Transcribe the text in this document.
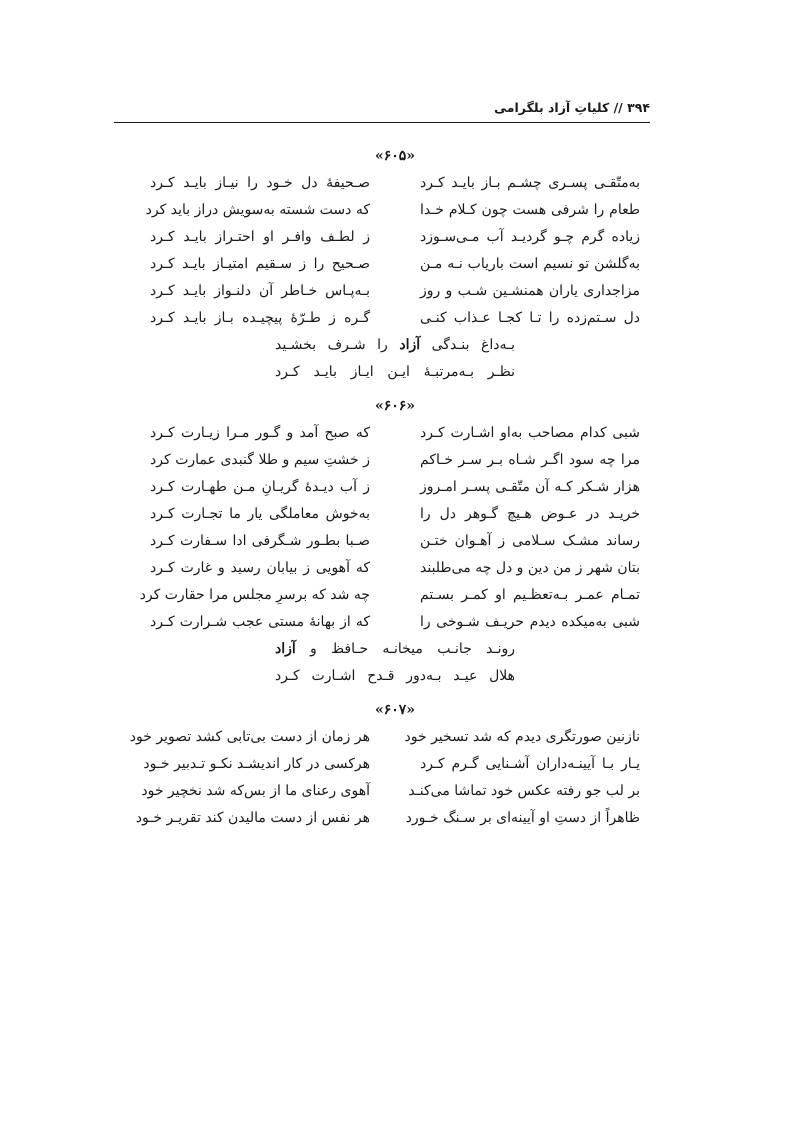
۳۹۴ // کلیاتِ آزاد بلگرامی
«۶۰۵»
به‌متّقـی پسـری چشـم بـاز بایـد کـرد
صـحیفۀ دل خـود را نیـاز بایـد کـرد
طعام را شرفی هست چون کـلام خـدا
که دست شسته به‌سویش دراز باید کرد
زیاده گرم چـو گردیـد آب مـی‌سـوزد
ز لطـف وافـر او احتـراز بایـد کـرد
به‌گلشن تو نسیم است باریاب نـه مـن
صـحیح را ز سـقیم امتیـاز بایـد کـرد
مزاجداری یاران همنشـین شـب و روز
بـه‌پـاس خـاطر آن دلنـواز بایـد کـرد
دل سـتم‌زده را تـا کجـا عـذاب کنـی
گـره ز طـرّۀ پیچیـده بـاز بایـد کـرد
بـه‌داغ بنـدگی آزاد را شـرف بخشـید
نظـر بـه‌مرتبـۀ ایـن ایـاز بایـد کـرد
«۶۰۶»
شبی کدام مصاحب به‌او اشـارت کـرد
که صبح آمد و گـور مـرا زیـارت کـرد
مرا چه سود اگـر شـاه بـر سـر خـاکم
ز خشتِ سیم و طلا گنبدی عمارت کرد
هزار شـکر کـه آن متّقـی پسـر امـروز
ز آب دیـدۀ گریـانِ مـن طهـارت کـرد
خریـد در عـوض هـیچ گـوهر دل را
به‌خوش معاملگی یار ما تجـارت کـرد
رساند مشـک سـلامی ز آهـوان ختـن
صـبا بطـور شـگرفی ادا سـفارت کـرد
بتان شهر ز من دین و دل چه می‌طلبند
که آهویی ز بیابان رسید و غارت کـرد
تمـام عمـر بـه‌تعظـیم او کمـر بسـتم
چه شد که برسرِ مجلس مرا حقارت کرد
شبی به‌میکده دیدم حریـف شـوخی را
که از بهانۀ مستی عجب شـرارت کـرد
رونـد جانـب میخانـه حـافظ و آزاد
هلال عیـد بـه‌دور قـدح اشـارت کـرد
«۶۰۷»
نازنین صورتگری دیدم که شد تسخیر خود
هر زمان از دست بی‌تابی کشد تصویر خود
یـار بـا آیینـه‌داران آشـنایی گـرم کـرد
هرکسی در کار اندیشـد نکـو تـدبیر خـود
بر لب جو رفته عکس خود تماشا می‌کنـد
آهوی رعنای ما از بس‌که شد نخچیر خود
ظاهراً از دستِ او آیینه‌ای بر سـنگ خـورد
هر نفس از دست مالیدن کند تقریـر خـود
